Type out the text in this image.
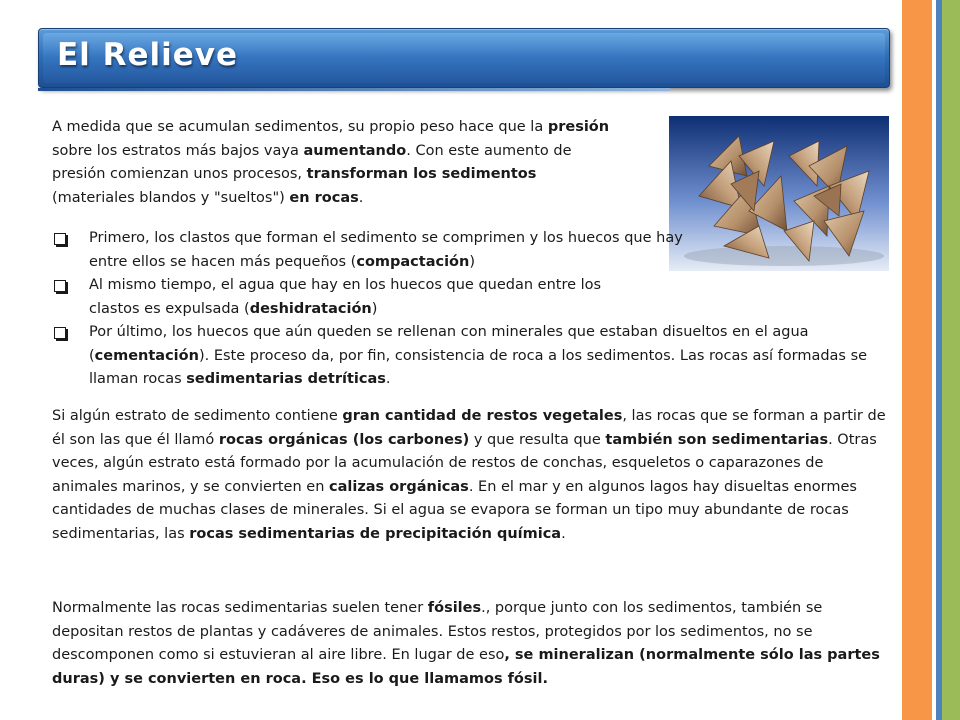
El Relieve

A medida que se acumulan sedimentos, su propio peso hace que la presión sobre los estratos más bajos vaya aumentando. Con este aumento de presión comienzan unos procesos, transforman los sedimentos (materiales blandos y "sueltos") en rocas.

Primero, los clastos que forman el sedimento se comprimen y los huecos que hay entre ellos se hacen más pequeños (compactación)
Al mismo tiempo, el agua que hay en los huecos que quedan entre los clastos es expulsada (deshidratación)
Por último, los huecos que aún queden se rellenan con minerales que estaban disueltos en el agua (cementación). Este proceso da, por fin, consistencia de roca a los sedimentos. Las rocas así formadas se llaman rocas sedimentarias detríticas.

Si algún estrato de sedimento contiene gran cantidad de restos vegetales, las rocas que se forman a partir de él son las que él llamó rocas orgánicas (los carbones) y que resulta que también son sedimentarias. Otras veces, algún estrato está formado por la acumulación de restos de conchas, esqueletos o caparazones de animales marinos, y se convierten en calizas orgánicas. En el mar y en algunos lagos hay disueltas enormes cantidades de muchas clases de minerales. Si el agua se evapora se forman un tipo muy abundante de rocas sedimentarias, las rocas sedimentarias de precipitación química.

Normalmente las rocas sedimentarias suelen tener fósiles., porque junto con los sedimentos, también se depositan restos de plantas y cadáveres de animales. Estos restos, protegidos por los sedimentos, no se descomponen como si estuvieran al aire libre. En lugar de eso, se mineralizan (normalmente sólo las partes duras) y se convierten en roca. Eso es lo que llamamos fósil.
